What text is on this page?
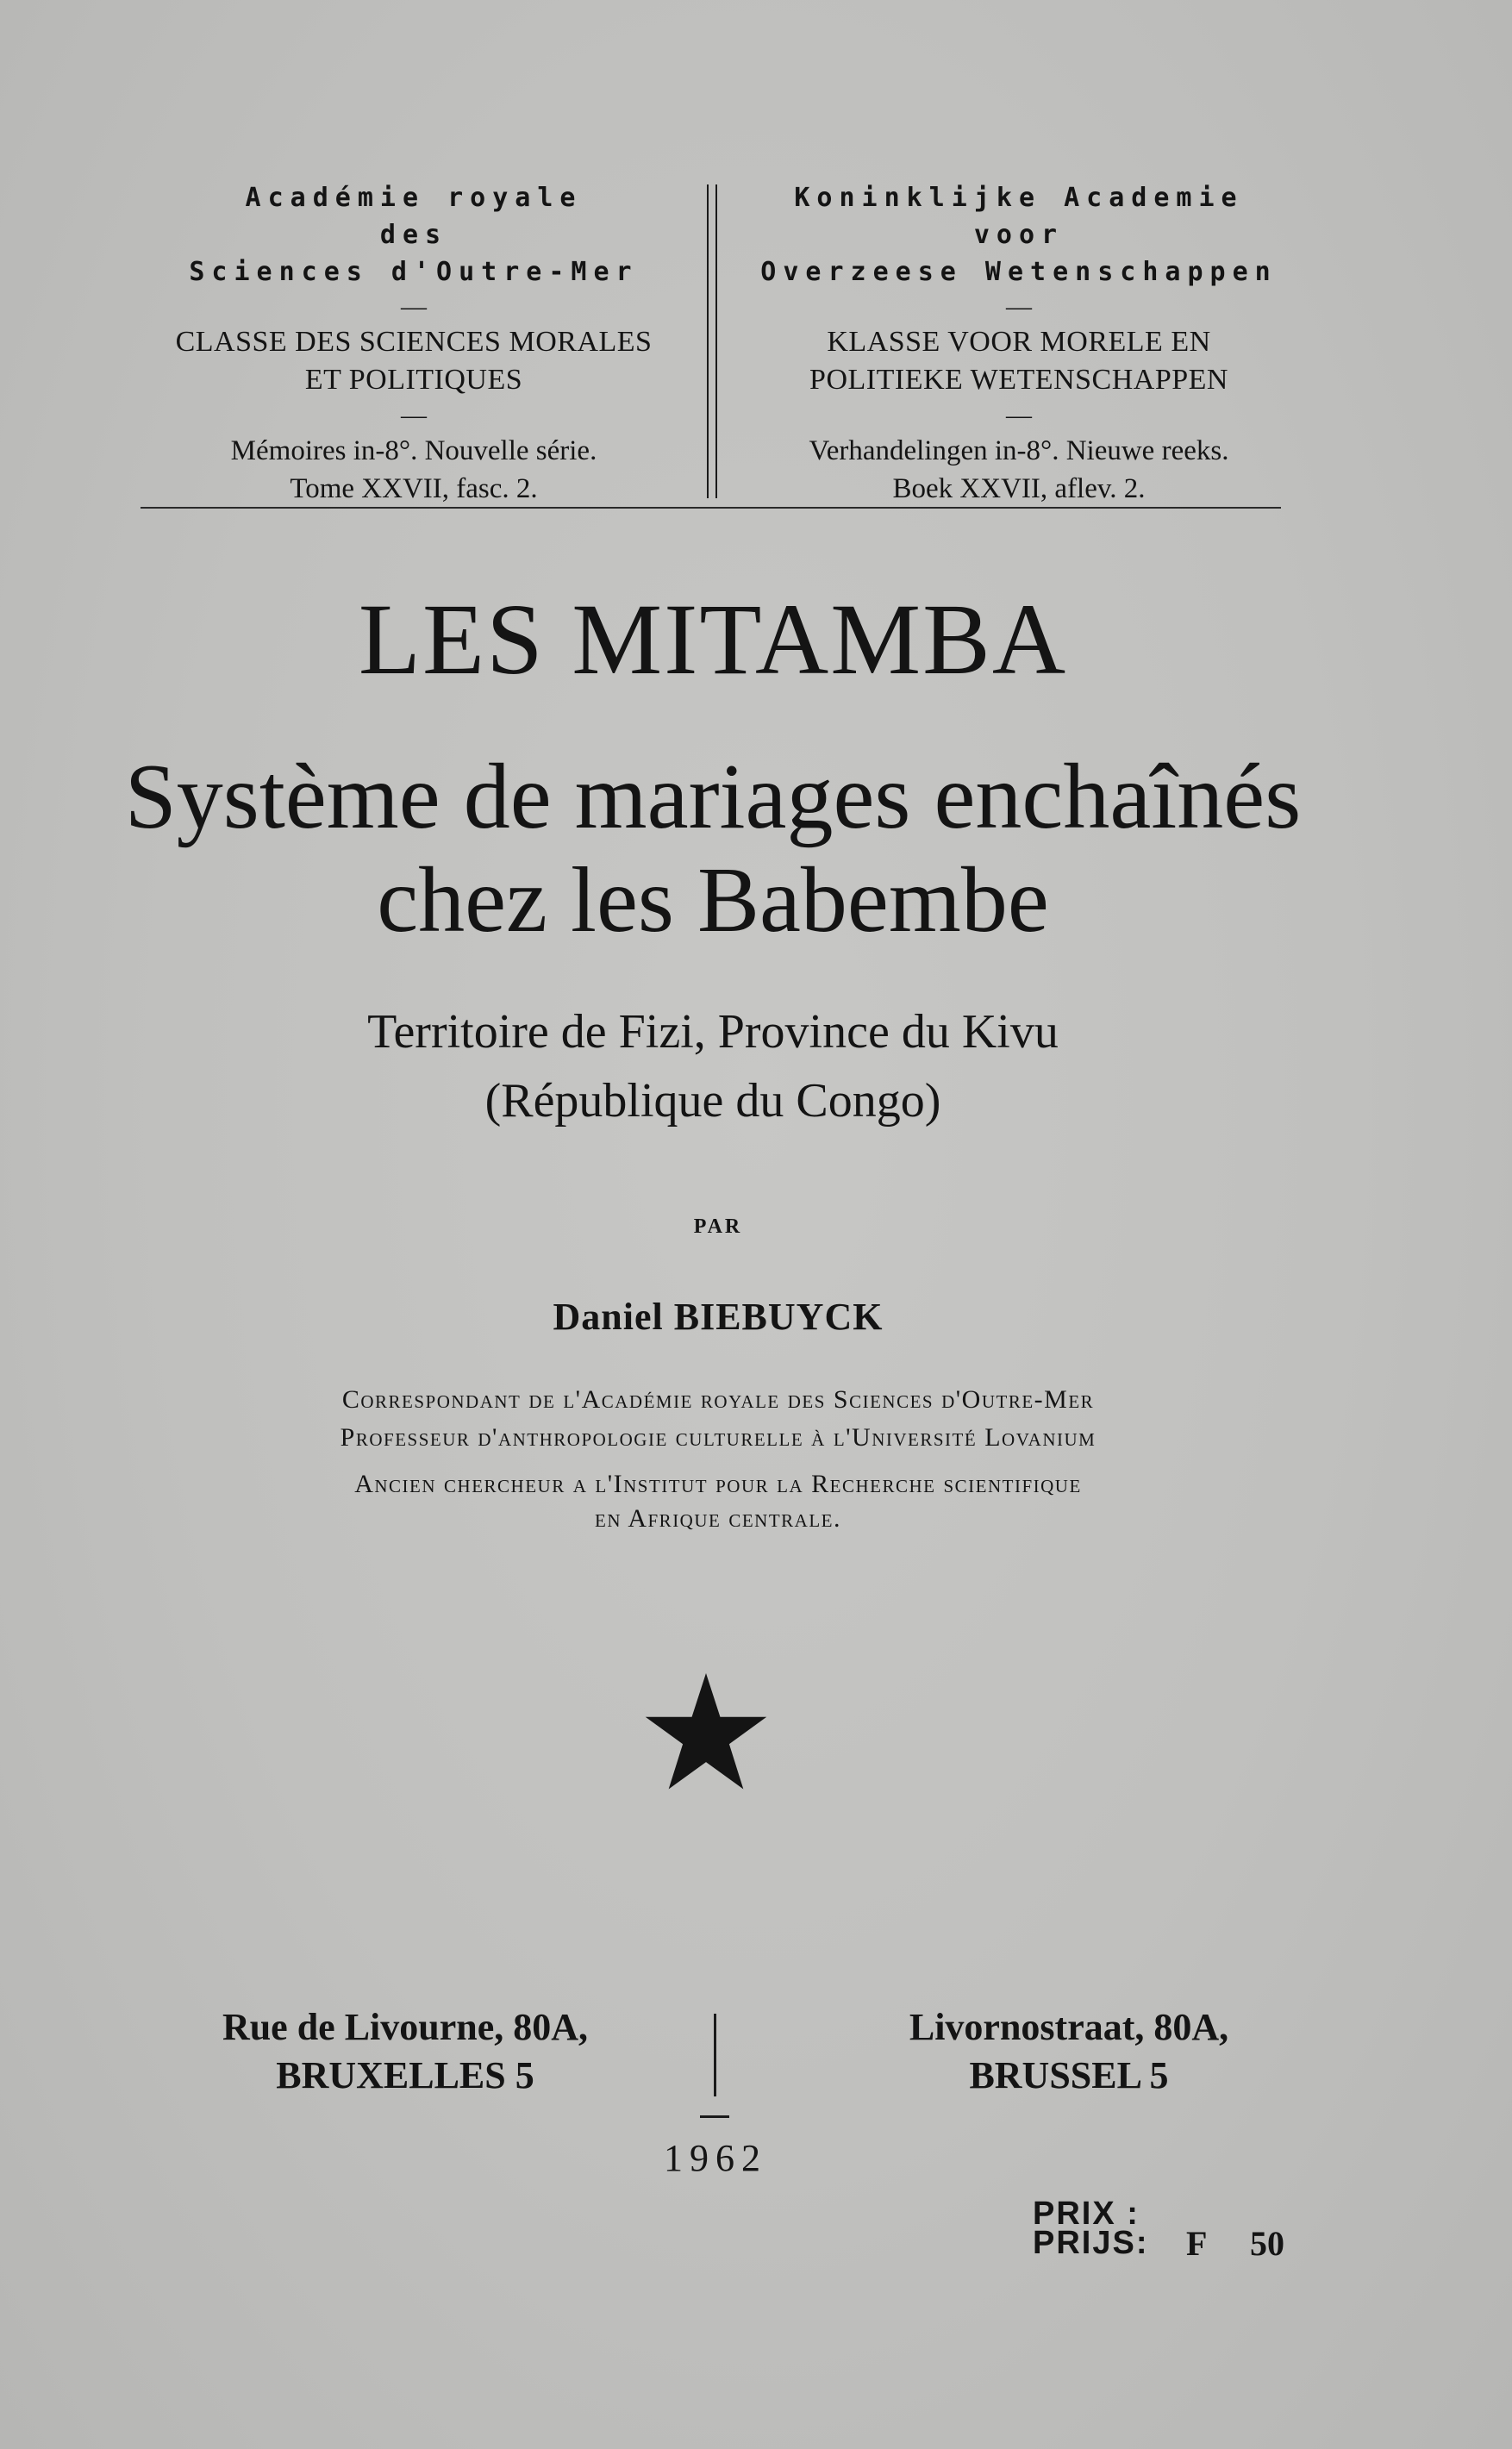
Académie royale
des
Sciences d'Outre-Mer
—
CLASSE DES SCIENCES MORALES
ET POLITIQUES
—
Mémoires in-8°. Nouvelle série.
Tome XXVII, fasc. 2.
Koninklijke Academie
voor
Overzeese Wetenschappen
—
KLASSE VOOR MORELE EN
POLITIEKE WETENSCHAPPEN
—
Verhandelingen in-8°. Nieuwe reeks.
Boek XXVII, aflev. 2.
LES MITAMBA
Système de mariages enchaînés
chez les Babembe
Territoire de Fizi, Province du Kivu
(République du Congo)
PAR
Daniel BIEBUYCK
Correspondant de l'Académie royale des Sciences d'Outre-Mer
Professeur d'anthropologie culturelle à l'Université Lovanium
Ancien chercheur a l'Institut pour la Recherche scientifique
en Afrique centrale.
Rue de Livourne, 80A,
BRUXELLES 5
Livornostraat, 80A,
BRUSSEL 5
1962
PRIX :
PRIJS: F 50
